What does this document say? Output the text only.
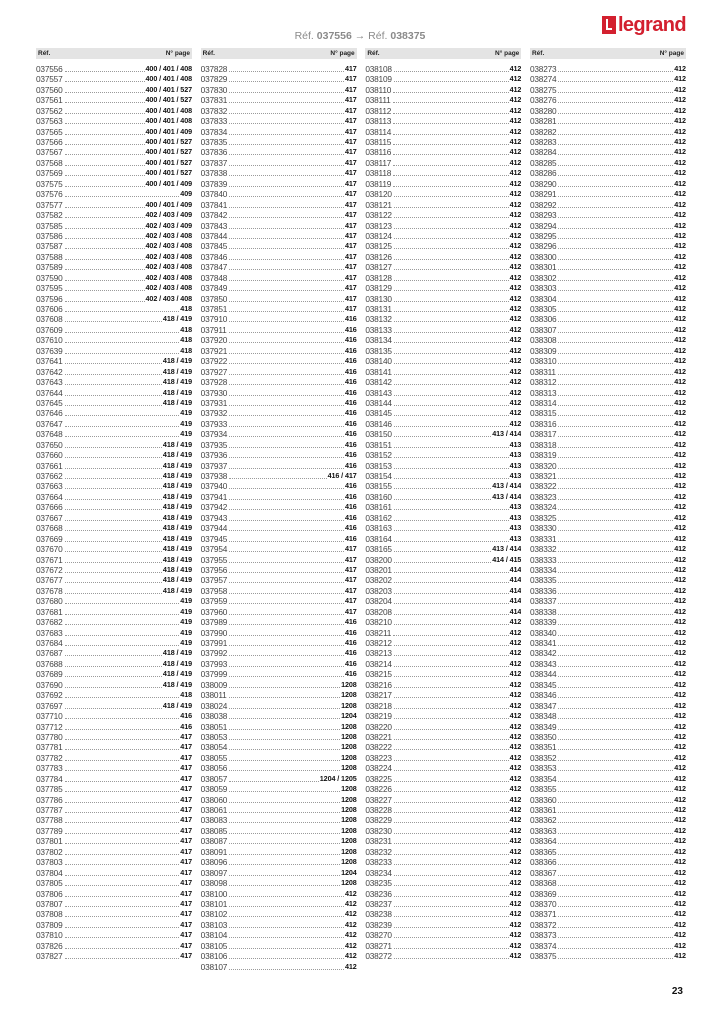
legrand
Réf. 037556 → Réf. 038375
Réf.	N° page
037556	400 / 401 / 408
037557	400 / 401 / 408
037560	400 / 401 / 527
037561	400 / 401 / 527
037562	400 / 401 / 408
037563	400 / 401 / 408
037565	400 / 401 / 409
037566	400 / 401 / 527
037567	400 / 401 / 527
037568	400 / 401 / 527
037569	400 / 401 / 527
037575	400 / 401 / 409
037576	409
037577	400 / 401 / 409
037582	402 / 403 / 409
037585	402 / 403 / 409
037586	402 / 403 / 408
037587	402 / 403 / 408
037588	402 / 403 / 408
037589	402 / 403 / 408
037590	402 / 403 / 408
037595	402 / 403 / 408
037596	402 / 403 / 408
037606	418
037608	418 / 419
037609	418
037610	418
037639	418
037641	418 / 419
037642	418 / 419
037643	418 / 419
037644	418 / 419
037645	418 / 419
037646	419
037647	419
037648	419
037650	418 / 419
037660	418 / 419
037661	418 / 419
037662	418 / 419
037663	418 / 419
037664	418 / 419
037666	418 / 419
037667	418 / 419
037668	418 / 419
037669	418 / 419
037670	418 / 419
037671	418 / 419
037672	418 / 419
037677	418 / 419
037678	418 / 419
037680	419
037681	419
037682	419
037683	419
037684	419
037687	418 / 419
037688	418 / 419
037689	418 / 419
037690	418 / 419
037692	418
037697	418 / 419
037710	416
037712	416
037780	417
037781	417
037782	417
037783	417
037784	417
037785	417
037786	417
037787	417
037788	417
037789	417
037801	417
037802	417
037803	417
037804	417
037805	417
037806	417
037807	417
037808	417
037809	417
037810	417
037826	417
037827	417
Réf.	N° page
037828	417
037829	417
037830	417
037831	417
037832	417
037833	417
037834	417
037835	417
037836	417
037837	417
037838	417
037839	417
037840	417
037841	417
037842	417
037843	417
037844	417
037845	417
037846	417
037847	417
037848	417
037849	417
037850	417
037851	417
037910	416
037911	416
037920	416
037921	416
037922	416
037927	416
037928	416
037930	416
037931	416
037932	416
037933	416
037934	416
037935	416
037936	416
037937	416
037938	416 / 417
037940	416
037941	416
037942	416
037943	416
037944	416
037945	416
037954	417
037955	417
037956	417
037957	417
037958	417
037959	417
037960	417
037989	416
037990	416
037991	416
037992	416
037993	416
037999	416
038009	1208
038011	1208
038024	1208
038038	1204
038051	1208
038053	1208
038054	1208
038055	1208
038056	1208
038057	1204 / 1205
038059	1208
038060	1208
038061	1208
038083	1208
038085	1208
038087	1208
038091	1208
038096	1208
038097	1204
038098	1208
038100	412
038101	412
038102	412
038103	412
038104	412
038105	412
038106	412
038107	412
Réf.	N° page
038108	412
038109	412
038110	412
038111	412
038112	412
038113	412
038114	412
038115	412
038116	412
038117	412
038118	412
038119	412
038120	412
038121	412
038122	412
038123	412
038124	412
038125	412
038126	412
038127	412
038128	412
038129	412
038130	412
038131	412
038132	412
038133	412
038134	412
038135	412
038140	412
038141	412
038142	412
038143	412
038144	412
038145	412
038146	412
038150	413 / 414
038151	413
038152	413
038153	413
038154	413
038155	413 / 414
038160	413 / 414
038161	413
038162	413
038163	413
038164	413
038165	413 / 414
038200	414 / 415
038201	414
038202	414
038203	414
038204	414
038208	414
038210	412
038211	412
038212	412
038213	412
038214	412
038215	412
038216	412
038217	412
038218	412
038219	412
038220	412
038221	412
038222	412
038223	412
038224	412
038225	412
038226	412
038227	412
038228	412
038229	412
038230	412
038231	412
038232	412
038233	412
038234	412
038235	412
038236	412
038237	412
038238	412
038239	412
038270	412
038271	412
038272	412
Réf.	N° page
038273	412
038274	412
038275	412
038276	412
038280	412
038281	412
038282	412
038283	412
038284	412
038285	412
038286	412
038290	412
038291	412
038292	412
038293	412
038294	412
038295	412
038296	412
038300	412
038301	412
038302	412
038303	412
038304	412
038305	412
038306	412
038307	412
038308	412
038309	412
038310	412
038311	412
038312	412
038313	412
038314	412
038315	412
038316	412
038317	412
038318	412
038319	412
038320	412
038321	412
038322	412
038323	412
038324	412
038325	412
038330	412
038331	412
038332	412
038333	412
038334	412
038335	412
038336	412
038337	412
038338	412
038339	412
038340	412
038341	412
038342	412
038343	412
038344	412
038345	412
038346	412
038347	412
038348	412
038349	412
038350	412
038351	412
038352	412
038353	412
038354	412
038355	412
038360	412
038361	412
038362	412
038363	412
038364	412
038365	412
038366	412
038367	412
038368	412
038369	412
038370	412
038371	412
038372	412
038373	412
038374	412
038375	412
23
